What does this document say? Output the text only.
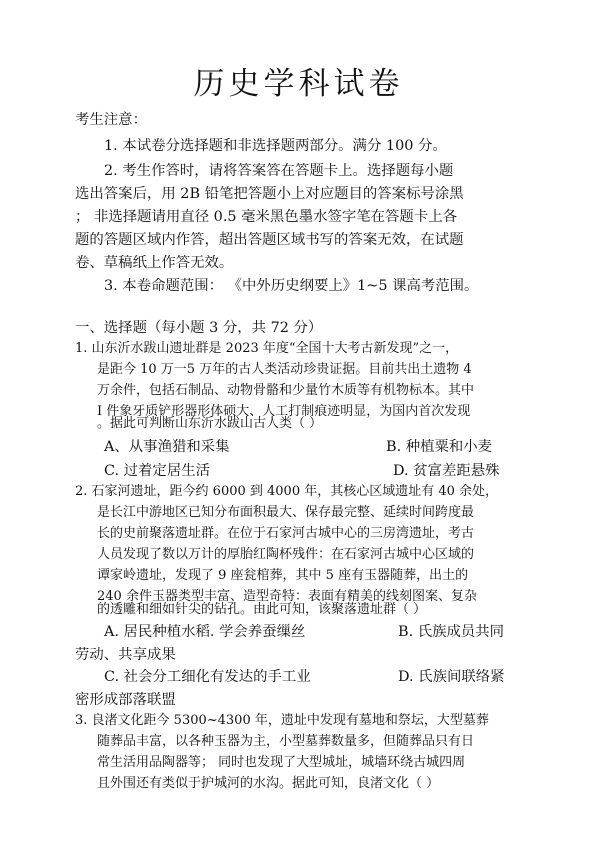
历史学科试卷
考生注意：
1. 本试卷分选择题和非选择题两部分。满分 100 分。
2. 考生作答时，请将答案答在答题卡上。选择题每小题
选出答案后，用 2B 铅笔把答题小上对应题目的答案标号涂黑
； 非选择题请用直径 0.5 毫米黑色墨水签字笔在答题卡上各
题的答题区域内作答，超出答题区域书写的答案无效，在试题
卷、草稿纸上作答无效。
3. 本卷命题范围： 《中外历史纲要上》1~5 课高考范围。
一、选择题（每小题 3 分，共 72 分）
1. 山东沂水跋山遗址群是 2023 年度“全国十大考古新发现”之一，
是距今 10 万一5 万年的古人类活动珍贵证据。目前共出土遗物 4
万余件，包括石制品、动物骨骼和少量竹木质等有机物标本。其中
I 件象牙质铲形器形体硕大、人工打制痕迹明显，为国内首次发现
。据此可判断山东沂水跋山古人类（ ）
A、从事渔猎和采集	B. 种植粟和小麦
C. 过着定居生活	D. 贫富差距悬殊
2. 石家河遗址，距今约 6000 到 4000 年，其核心区域遗址有 40 余处，
是长江中游地区已知分布面积最大、保存最完整、延续时间跨度最
长的史前聚落遗址群。在位于石家河古城中心的三房湾遗址，考古
人员发现了数以万计的厚胎红陶杯残件：在石家河古城中心区域的
谭家岭遗址，发现了 9 座瓮棺葬，其中 5 座有玉器随葬，出土的
240 余件玉器类型丰富、造型奇特：表面有精美的线刻图案、复杂
的透雕和细如针尖的钻孔。由此可知，该聚落遗址群（ ）
A. 居民种植水稻. 学会养蚕缫丝	B. 氏族成员共同
劳动、共享成果
C. 社会分工细化有发达的手工业	D. 氏族间联络紧
密形成部落联盟
3. 良渚文化距今 5300~4300 年，遗址中发现有墓地和祭坛，大型墓葬
随葬品丰富，以各种玉器为主，小型墓葬数量多，但随葬品只有日
常生活用品陶器等； 同时也发现了大型城址，城墙环绕古城四周
且外围还有类似于护城河的水沟。据此可知，良渚文化（ ）
